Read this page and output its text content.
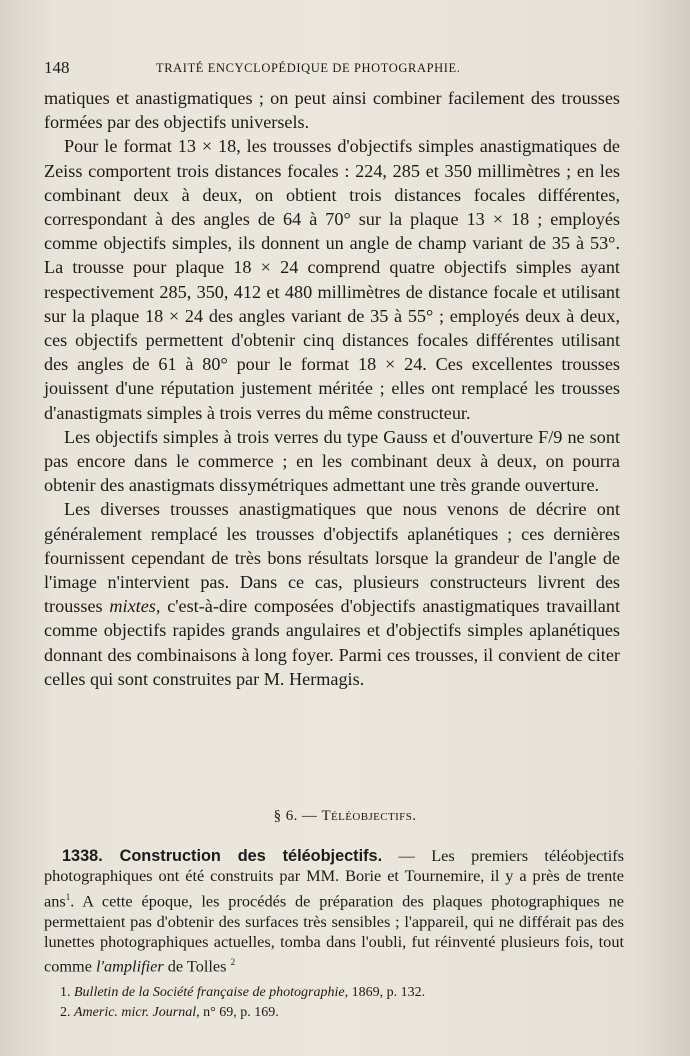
148	TRAITÉ ENCYCLOPÉDIQUE DE PHOTOGRAPHIE.

matiques et anastigmatiques ; on peut ainsi combiner facilement des trousses formées par des objectifs universels.

Pour le format 13 × 18, les trousses d'objectifs simples anastigmatiques de Zeiss comportent trois distances focales : 224, 285 et 350 millimètres ; en les combinant deux à deux, on obtient trois distances focales différentes, correspondant à des angles de 64 à 70° sur la plaque 13 × 18 ; employés comme objectifs simples, ils donnent un angle de champ variant de 35 à 53°. La trousse pour plaque 18 × 24 comprend quatre objectifs simples ayant respectivement 285, 350, 412 et 480 millimètres de distance focale et utilisant sur la plaque 18 × 24 des angles variant de 35 à 55° ; employés deux à deux, ces objectifs permettent d'obtenir cinq distances focales différentes utilisant des angles de 61 à 80° pour le format 18 × 24. Ces excellentes trousses jouissent d'une réputation justement méritée ; elles ont remplacé les trousses d'anastigmats simples à trois verres du même constructeur.

Les objectifs simples à trois verres du type Gauss et d'ouverture F/9 ne sont pas encore dans le commerce ; en les combinant deux à deux, on pourra obtenir des anastigmats dissymétriques admettant une très grande ouverture.

Les diverses trousses anastigmatiques que nous venons de décrire ont généralement remplacé les trousses d'objectifs aplanétiques ; ces dernières fournissent cependant de très bons résultats lorsque la grandeur de l'angle de l'image n'intervient pas. Dans ce cas, plusieurs constructeurs livrent des trousses mixtes, c'est-à-dire composées d'objectifs anastigmatiques travaillant comme objectifs rapides grands angulaires et d'objectifs simples aplanétiques donnant des combinaisons à long foyer. Parmi ces trousses, il convient de citer celles qui sont construites par M. Hermagis.

§ 6. — Téléobjectifs.

1338. Construction des téléobjectifs. — Les premiers téléobjectifs photographiques ont été construits par MM. Borie et Tournemire, il y a près de trente ans$^1$. A cette époque, les procédés de préparation des plaques photographiques ne permettaient pas d'obtenir des surfaces très sensibles ; l'appareil, qui ne différait pas des lunettes photographiques actuelles, tomba dans l'oubli, fut réinventé plusieurs fois, tout comme l'amplifier de Tolles $^2$

1. Bulletin de la Société française de photographie, 1869, p. 132.
2. Americ. micr. Journal, n° 69, p. 169.
